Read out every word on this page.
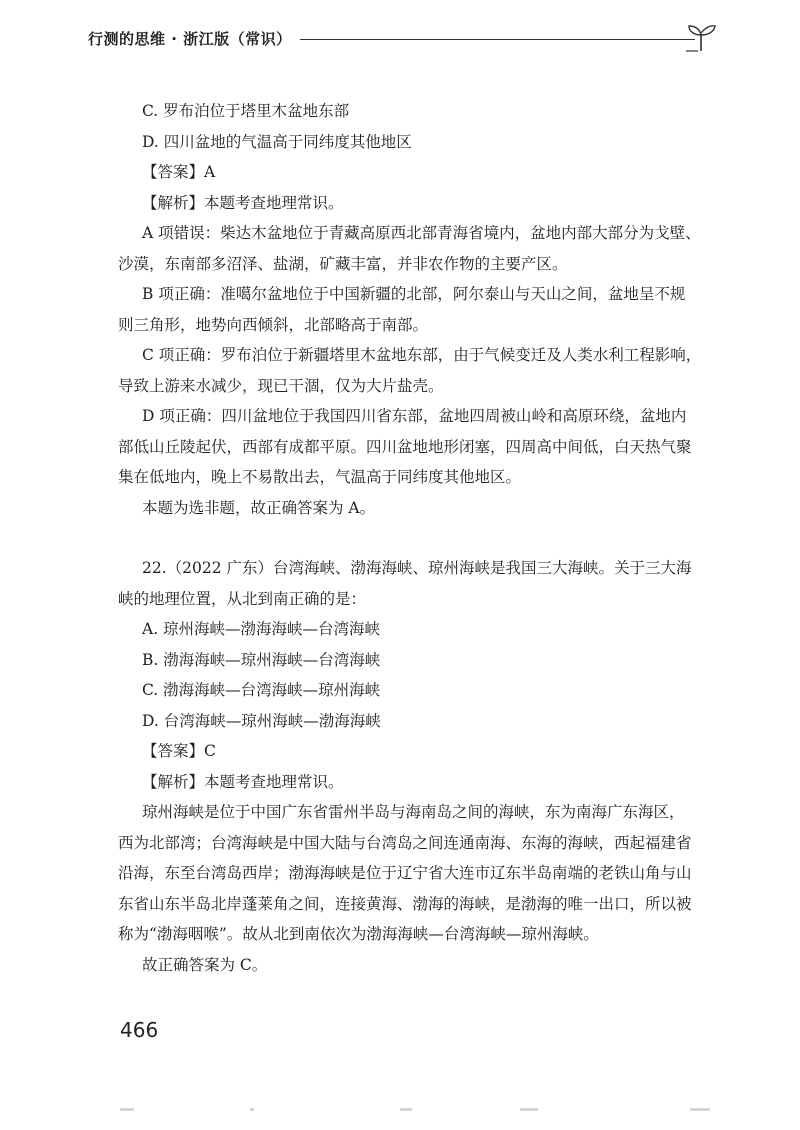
行测的思维 · 浙江版（常识）
C. 罗布泊位于塔里木盆地东部
D. 四川盆地的气温高于同纬度其他地区
【答案】A
【解析】本题考查地理常识。
A 项错误：柴达木盆地位于青藏高原西北部青海省境内，盆地内部大部分为戈壁、
沙漠，东南部多沼泽、盐湖，矿藏丰富，并非农作物的主要产区。
B 项正确：准噶尔盆地位于中国新疆的北部，阿尔泰山与天山之间，盆地呈不规
则三角形，地势向西倾斜，北部略高于南部。
C 项正确：罗布泊位于新疆塔里木盆地东部，由于气候变迁及人类水利工程影响，
导致上游来水减少，现已干涸，仅为大片盐壳。
D 项正确：四川盆地位于我国四川省东部，盆地四周被山岭和高原环绕，盆地内
部低山丘陵起伏，西部有成都平原。四川盆地地形闭塞，四周高中间低，白天热气聚
集在低地内，晚上不易散出去，气温高于同纬度其他地区。
本题为选非题，故正确答案为 A。
22.（2022 广东）台湾海峡、渤海海峡、琼州海峡是我国三大海峡。关于三大海
峡的地理位置，从北到南正确的是：
A. 琼州海峡—渤海海峡—台湾海峡
B. 渤海海峡—琼州海峡—台湾海峡
C. 渤海海峡—台湾海峡—琼州海峡
D. 台湾海峡—琼州海峡—渤海海峡
【答案】C
【解析】本题考查地理常识。
琼州海峡是位于中国广东省雷州半岛与海南岛之间的海峡，东为南海广东海区，
西为北部湾；台湾海峡是中国大陆与台湾岛之间连通南海、东海的海峡，西起福建省
沿海，东至台湾岛西岸；渤海海峡是位于辽宁省大连市辽东半岛南端的老铁山角与山
东省山东半岛北岸蓬莱角之间，连接黄海、渤海的海峡，是渤海的唯一出口，所以被
称为“渤海咽喉”。故从北到南依次为渤海海峡—台湾海峡—琼州海峡。
故正确答案为 C。
466
